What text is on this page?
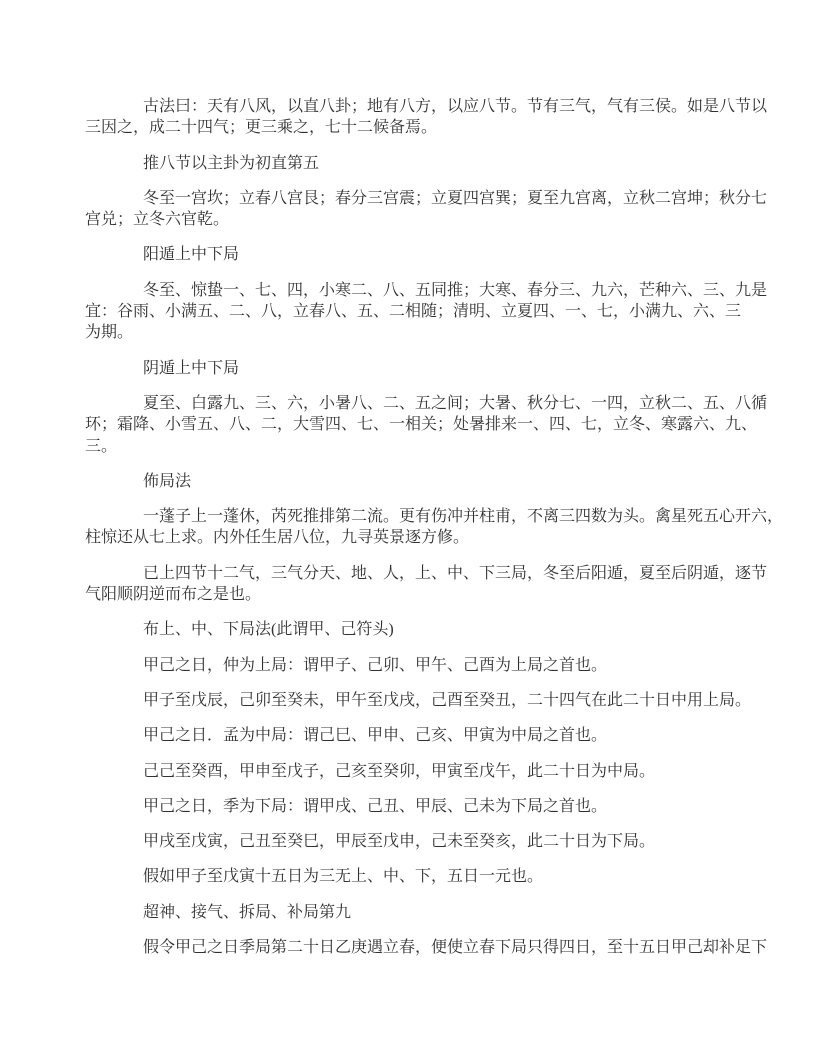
古法曰：天有八风，以直八卦；地有八方，以应八节。节有三气，气有三侯。如是八节以
三因之，成二十四气；更三乘之，七十二候备焉。
推八节以主卦为初直第五
冬至一宫坎；立春八宫艮；春分三宫震；立夏四宫巽；夏至九宫离，立秋二宫坤；秋分七
宫兑；立冬六官乾。
阳遁上中下局
冬至、惊蛰一、七、四，小寒二、八、五同推；大寒、春分三、九六，芒种六、三、九是
宜：谷雨、小满五、二、八，立春八、五、二相随；清明、立夏四、一、七，小满九、六、三
为期。
阴遁上中下局
夏至、白露九、三、六，小暑八、二、五之间；大暑、秋分七、一四，立秋二、五、八循
环；霜降、小雪五、八、二，大雪四、七、一相关；处暑排来一、四、七，立冬、寒露六、九、
三。
佈局法
一蓬子上一蓬休，芮死推排第二流。更有伤冲并柱甫，不离三四数为头。禽星死五心开六，
柱惊还从七上求。内外任生居八位，九寻英景逐方修。
已上四节十二气，三气分天、地、人，上、中、下三局，冬至后阳遁，夏至后阴遁，逐节
气阳顺阴逆而布之是也。
布上、中、下局法(此谓甲、己符头)
甲己之日，仲为上局：谓甲子、己卯、甲午、己酉为上局之首也。
甲子至戊辰，己卯至癸未，甲午至戊戌，己酉至癸丑，二十四气在此二十日中用上局。
甲己之日．孟为中局：谓己巳、甲申、己亥、甲寅为中局之首也。
己己至癸酉，甲申至戊子，己亥至癸卯，甲寅至戊午，此二十日为中局。
甲己之日，季为下局：谓甲戌、己丑、甲辰、己未为下局之首也。
甲戌至戊寅，己丑至癸巳，甲辰至戊申，己未至癸亥，此二十日为下局。
假如甲子至戊寅十五日为三无上、中、下，五日一元也。
超神、接气、拆局、补局第九
假令甲己之日季局第二十日乙庚遇立春，便使立春下局只得四日，至十五日甲己却补足下
